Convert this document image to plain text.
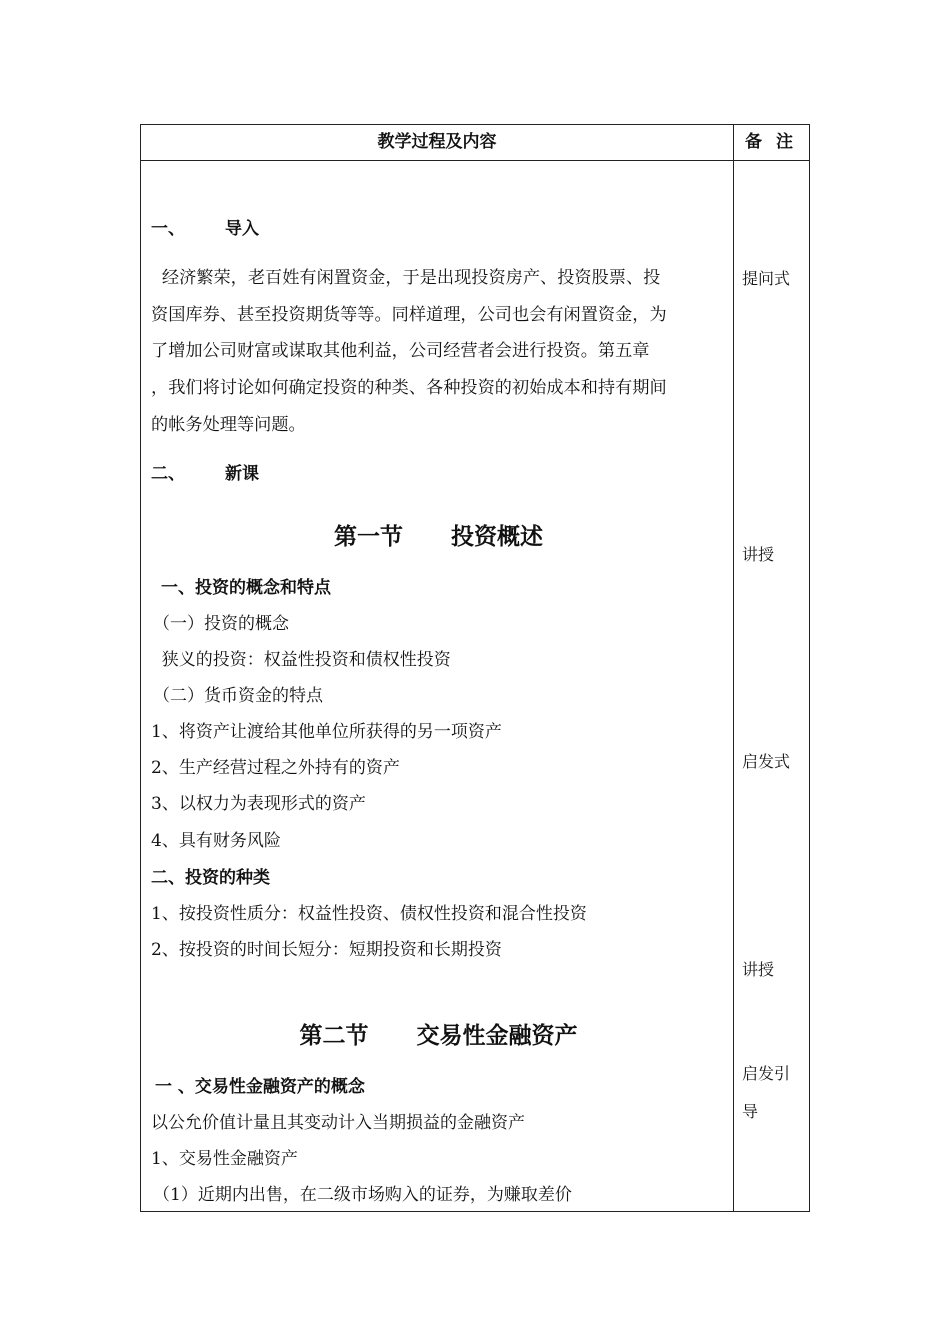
教学过程及内容	备注
一、 导入
经济繁荣，老百姓有闲置资金，于是出现投资房产、投资股票、投
资国库券、甚至投资期货等等。同样道理，公司也会有闲置资金，为
了增加公司财富或谋取其他利益，公司经营者会进行投资。第五章
，我们将讨论如何确定投资的种类、各种投资的初始成本和持有期间
的帐务处理等问题。
二、 新课
第一节      投资概述
一、投资的概念和特点
（一）投资的概念
狭义的投资：权益性投资和债权性投资
（二）货币资金的特点
1、将资产让渡给其他单位所获得的另一项资产
2、生产经营过程之外持有的资产
3、以权力为表现形式的资产
4、具有财务风险
二、投资的种类
1、按投资性质分：权益性投资、债权性投资和混合性投资
2、按投资的时间长短分：短期投资和长期投资
第二节      交易性金融资产
一 、交易性金融资产的概念
以公允价值计量且其变动计入当期损益的金融资产
1、交易性金融资产
（1）近期内出售，在二级市场购入的证券，为赚取差价
提问式
讲授
启发式
讲授
启发引
导
